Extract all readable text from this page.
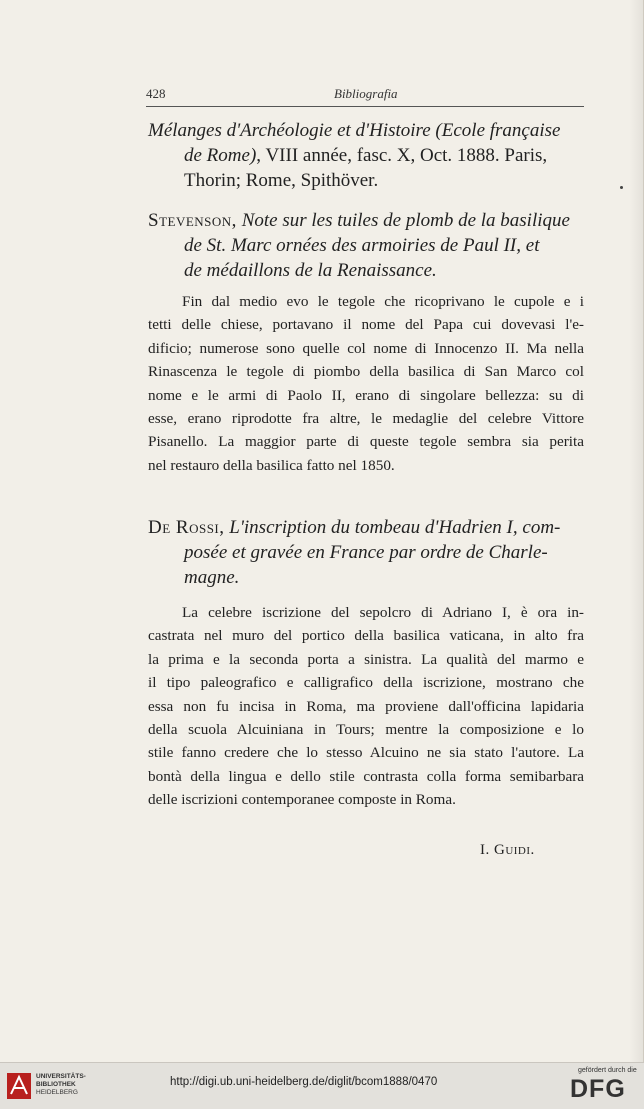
428	Bibliografia
Mélanges d'Archéologie et d'Histoire (Ecole française
de Rome), VIII année, fasc. X, Oct. 1888. Paris,
Thorin; Rome, Spithöver.
Stevenson, Note sur les tuiles de plomb de la basilique
de St. Marc ornées des armoiries de Paul II, et
de médaillons de la Renaissance.
Fin dal medio evo le tegole che ricoprivano le cupole e i
tetti delle chiese, portavano il nome del Papa cui dovevasi l'e-
dificio; numerose sono quelle col nome di Innocenzo II. Ma nella
Rinascenza le tegole di piombo della basilica di San Marco col
nome e le armi di Paolo II, erano di singolare bellezza: su di
esse, erano riprodotte fra altre, le medaglie del celebre Vittore
Pisanello. La maggior parte di queste tegole sembra sia perita
nel restauro della basilica fatto nel 1850.
De Rossi, L'inscription du tombeau d'Hadrien I, com-
posée et gravée en France par ordre de Charle-
magne.
La celebre iscrizione del sepolcro di Adriano I, è ora in-
castrata nel muro del portico della basilica vaticana, in alto fra
la prima e la seconda porta a sinistra. La qualità del marmo e
il tipo paleografico e calligrafico della iscrizione, mostrano che
essa non fu incisa in Roma, ma proviene dall'officina lapidaria
della scuola Alcuiniana in Tours; mentre la composizione e lo
stile fanno credere che lo stesso Alcuino ne sia stato l'autore. La
bontà della lingua e dello stile contrasta colla forma semibarbara
delle iscrizioni contemporanee composte in Roma.
I. Guidi.
UNIVERSITÄTS-
BIBLIOTHEK
HEIDELBERG
http://digi.ub.uni-heidelberg.de/diglit/bcom1888/0470
gefördert durch die
DFG
